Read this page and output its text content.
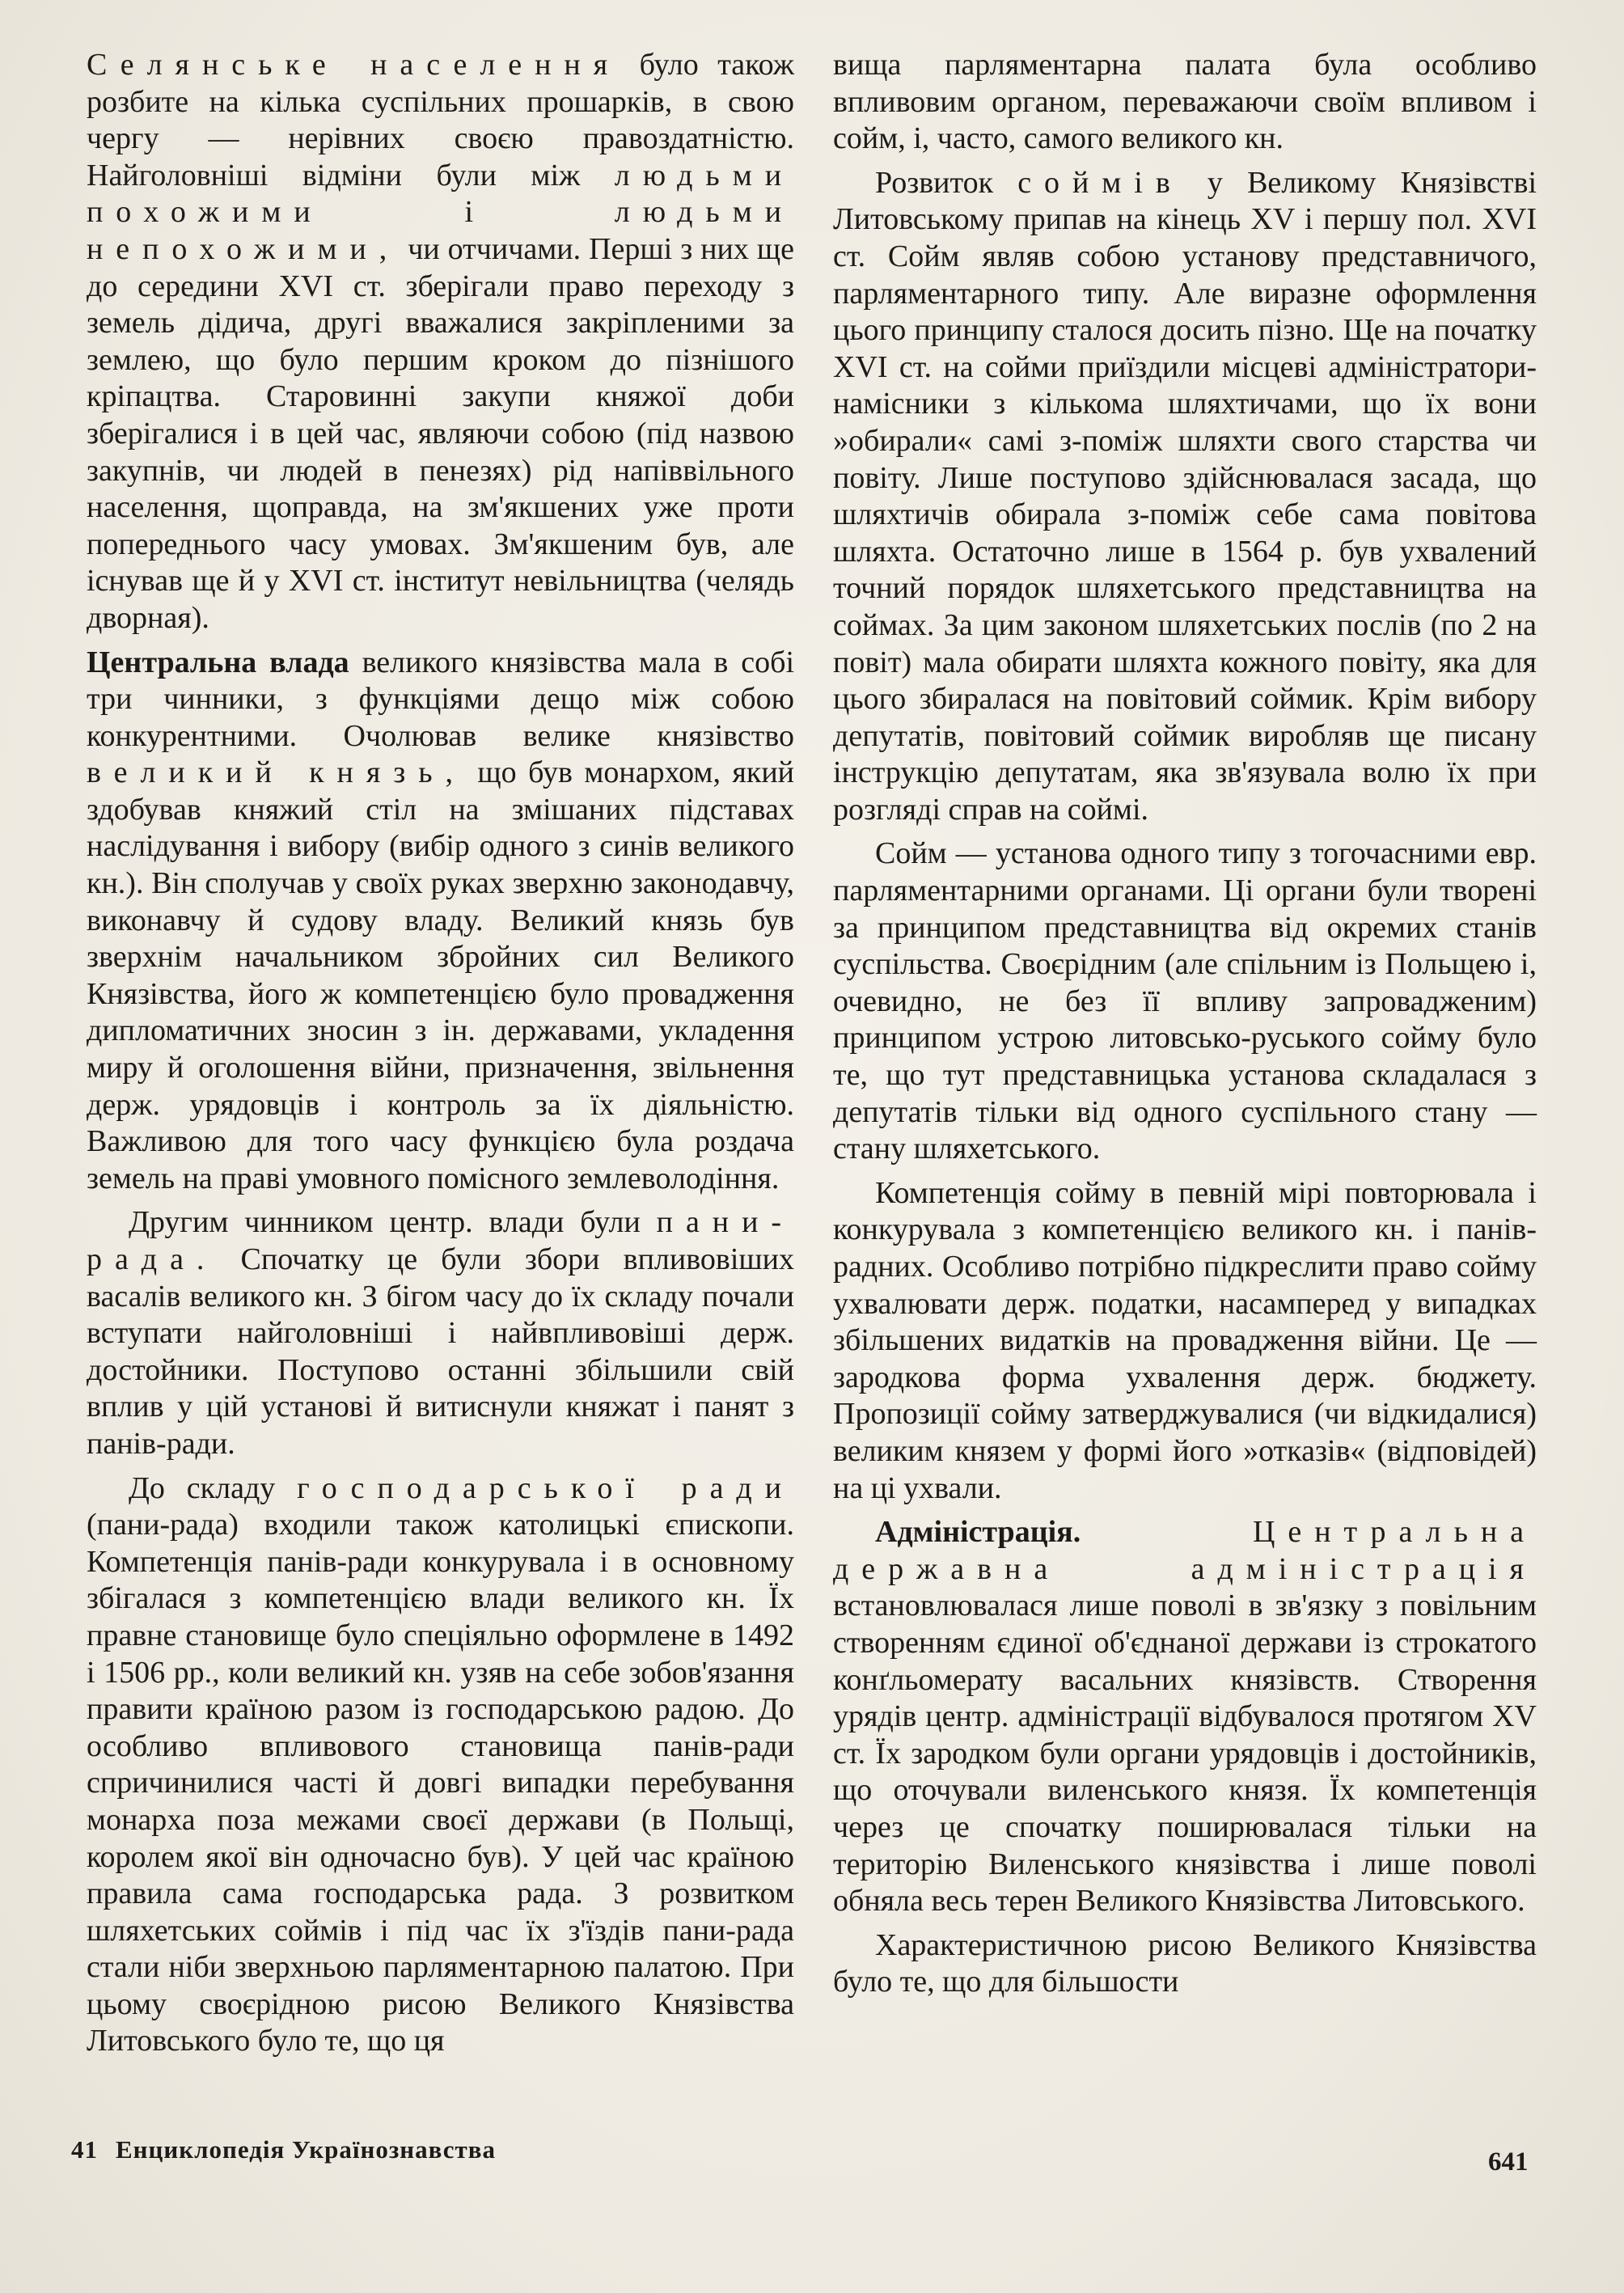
Селянське населення було також розбите на кілька суспільних прошарків, в свою чергу — нерівних своєю правоздатністю. Найголовніші відміни були між людьми похожими	і	людьми непохожими, чи отчичами. Перші з них ще до середини XVI ст. зберігали право переходу з земель дідича, другі вважалися закріпленими за землею, що було першим кроком до пізнішого кріпацтва. Старовинні закупи княжої доби зберігалися і в цей час, являючи собою (під назвою закупнів, чи людей в пенезях) рід напіввільного населення, щоправда, на зм'якшених уже проти попереднього часу умовах. Зм'якшеним був, але існував ще й у XVI ст. інститут невільництва (челядь дворная).

Центральна влада великого князівства мала в собі три чинники, з функціями дещо між собою конкурентними. Очолював велике князівство великий князь, що був монархом, який здобував княжий стіл на змішаних підставах наслідування і вибору (вибір одного з синів великого кн.). Він сполучав у своїх руках зверхню законодавчу, виконавчу й судову владу. Великий князь був зверхнім начальником збройних сил Великого Князівства, його ж компетенцією було провадження дипломатичних зносин з ін. державами, укладення миру й оголошення війни, призначення, звільнення держ. урядовців і контроль за їх діяльністю. Важливою для того часу функцією була роздача земель на праві умовного помісного землеволодіння.

Другим чинником центр. влади були пани-рада. Спочатку це були збори впливовіших васалів великого кн. З бігом часу до їх складу почали вступати найголовніші і найвпливовіші держ. достойники. Поступово останні збільшили свій вплив у цій установі й витиснули княжат і панят з панів-ради.

До складу господарської ради (пани-рада) входили також католицькі єпископи. Компетенція панів-ради конкурувала і в основному збігалася з компетенцією влади великого кн. Їх правне становище було спеціяльно оформлене в 1492 і 1506 рр., коли великий кн. узяв на себе зобов'язання правити країною разом із господарською радою. До особливо впливового становища панів-ради спричинилися часті й довгі випадки перебування монарха поза межами своєї держави (в Польщі, королем якої він одночасно був). У цей час країною правила сама господарська рада. З розвитком шляхетських соймів і під час їх з'їздів пани-рада стали ніби зверхньою парляментарною палатою. При цьому своєрідною рисою Великого Князівства Литовського було те, що ця

вища парляментарна палата була особливо впливовим органом, переважаючи своїм впливом і сойм, і, часто, самого великого кн.

Розвиток соймів у Великому Князівстві Литовському припав на кінець XV і першу пол. XVI ст. Сойм являв собою установу представничого, парляментарного типу. Але виразне оформлення цього принципу сталося досить пізно. Ще на початку XVI ст. на сойми приїздили місцеві адміністратори-намісники з кількома шляхтичами, що їх вони »обирали« самі з-поміж шляхти свого старства чи повіту. Лише поступово здійснювалася засада, що шляхтичів обирала з-поміж себе сама повітова шляхта. Остаточно лише в 1564 р. був ухвалений точний порядок шляхетського представництва на соймах. За цим законом шляхетських послів (по 2 на повіт) мала обирати шляхта кожного повіту, яка для цього збиралася на повітовий соймик. Крім вибору депутатів, повітовий соймик виробляв ще писану інструкцію депутатам, яка зв'язувала волю їх при розгляді справ на соймі.

Сойм — установа одного типу з тогочасними евр. парляментарними органами. Ці органи були творені за принципом представництва від окремих станів суспільства. Своєрідним (але спільним із Польщею і, очевидно, не без її впливу запровадженим) принципом устрою литовсько-руського сойму було те, що тут представницька установа складалася з депутатів тільки від одного суспільного стану — стану шляхетського.

Компетенція сойму в певній мірі повторювала і конкурувала з компетенцією великого кн. і панів-радних. Особливо потрібно підкреслити право сойму ухвалювати держ. податки, насамперед у випадках збільшених видатків на провадження війни. Це — зародкова форма ухвалення держ. бюджету. Пропозиції сойму затверджувалися (чи відкидалися) великим князем у формі його »отказів« (відповідей) на ці ухвали.

Адміністрація.	Центральна державна адміністрація встановлювалася лише поволі в зв'язку з повільним створенням єдиної об'єднаної держави із строкатого конґльомерату васальних князівств. Створення урядів центр. адміністрації відбувалося протягом XV ст. Їх зародком були органи урядовців і достойників, що оточували виленського князя. Їх компетенція через це спочатку поширювалася тільки на територію Виленського князівства і лише поволі обняла весь терен Великого Князівства Литовського.

Характеристичною рисою Великого Князівства було те, що для більшости

41 Енциклопедія Українознавства	641
